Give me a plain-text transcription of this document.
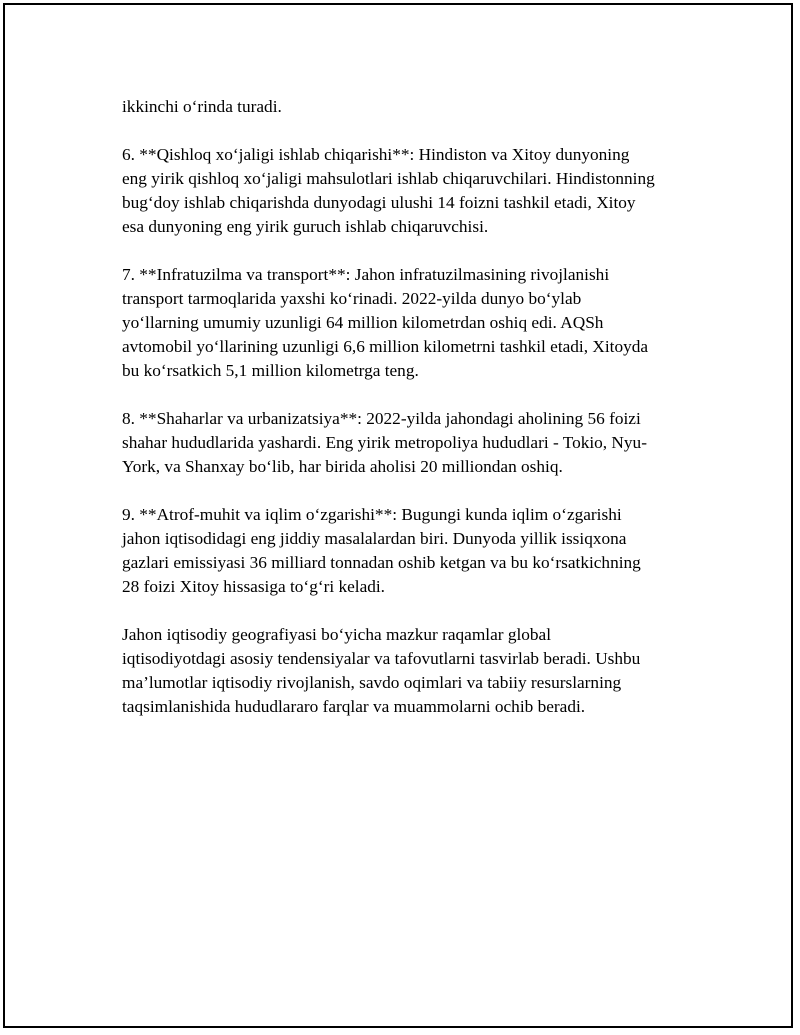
ikkinchi o‘rinda turadi.

6. **Qishloq xo‘jaligi ishlab chiqarishi**: Hindiston va Xitoy dunyoning
eng yirik qishloq xo‘jaligi mahsulotlari ishlab chiqaruvchilari. Hindistonning
bug‘doy ishlab chiqarishda dunyodagi ulushi 14 foizni tashkil etadi, Xitoy
esa dunyoning eng yirik guruch ishlab chiqaruvchisi.

7. **Infratuzilma va transport**: Jahon infratuzilmasining rivojlanishi
transport tarmoqlarida yaxshi ko‘rinadi. 2022-yilda dunyo bo‘ylab
yo‘llarning umumiy uzunligi 64 million kilometrdan oshiq edi. AQSh
avtomobil yo‘llarining uzunligi 6,6 million kilometrni tashkil etadi, Xitoyda
bu ko‘rsatkich 5,1 million kilometrga teng.

8. **Shaharlar va urbanizatsiya**: 2022-yilda jahondagi aholining 56 foizi
shahar hududlarida yashardi. Eng yirik metropoliya hududlari - Tokio, Nyu-
York, va Shanxay bo‘lib, har birida aholisi 20 milliondan oshiq.

9. **Atrof-muhit va iqlim o‘zgarishi**: Bugungi kunda iqlim o‘zgarishi
jahon iqtisodidagi eng jiddiy masalalardan biri. Dunyoda yillik issiqxona
gazlari emissiyasi 36 milliard tonnadan oshib ketgan va bu ko‘rsatkichning
28 foizi Xitoy hissasiga to‘g‘ri keladi.

Jahon iqtisodiy geografiyasi bo‘yicha mazkur raqamlar global
iqtisodiyotdagi asosiy tendensiyalar va tafovutlarni tasvirlab beradi. Ushbu
ma’lumotlar iqtisodiy rivojlanish, savdo oqimlari va tabiiy resurslarning
taqsimlanishida hududlararo farqlar va muammolarni ochib beradi.
